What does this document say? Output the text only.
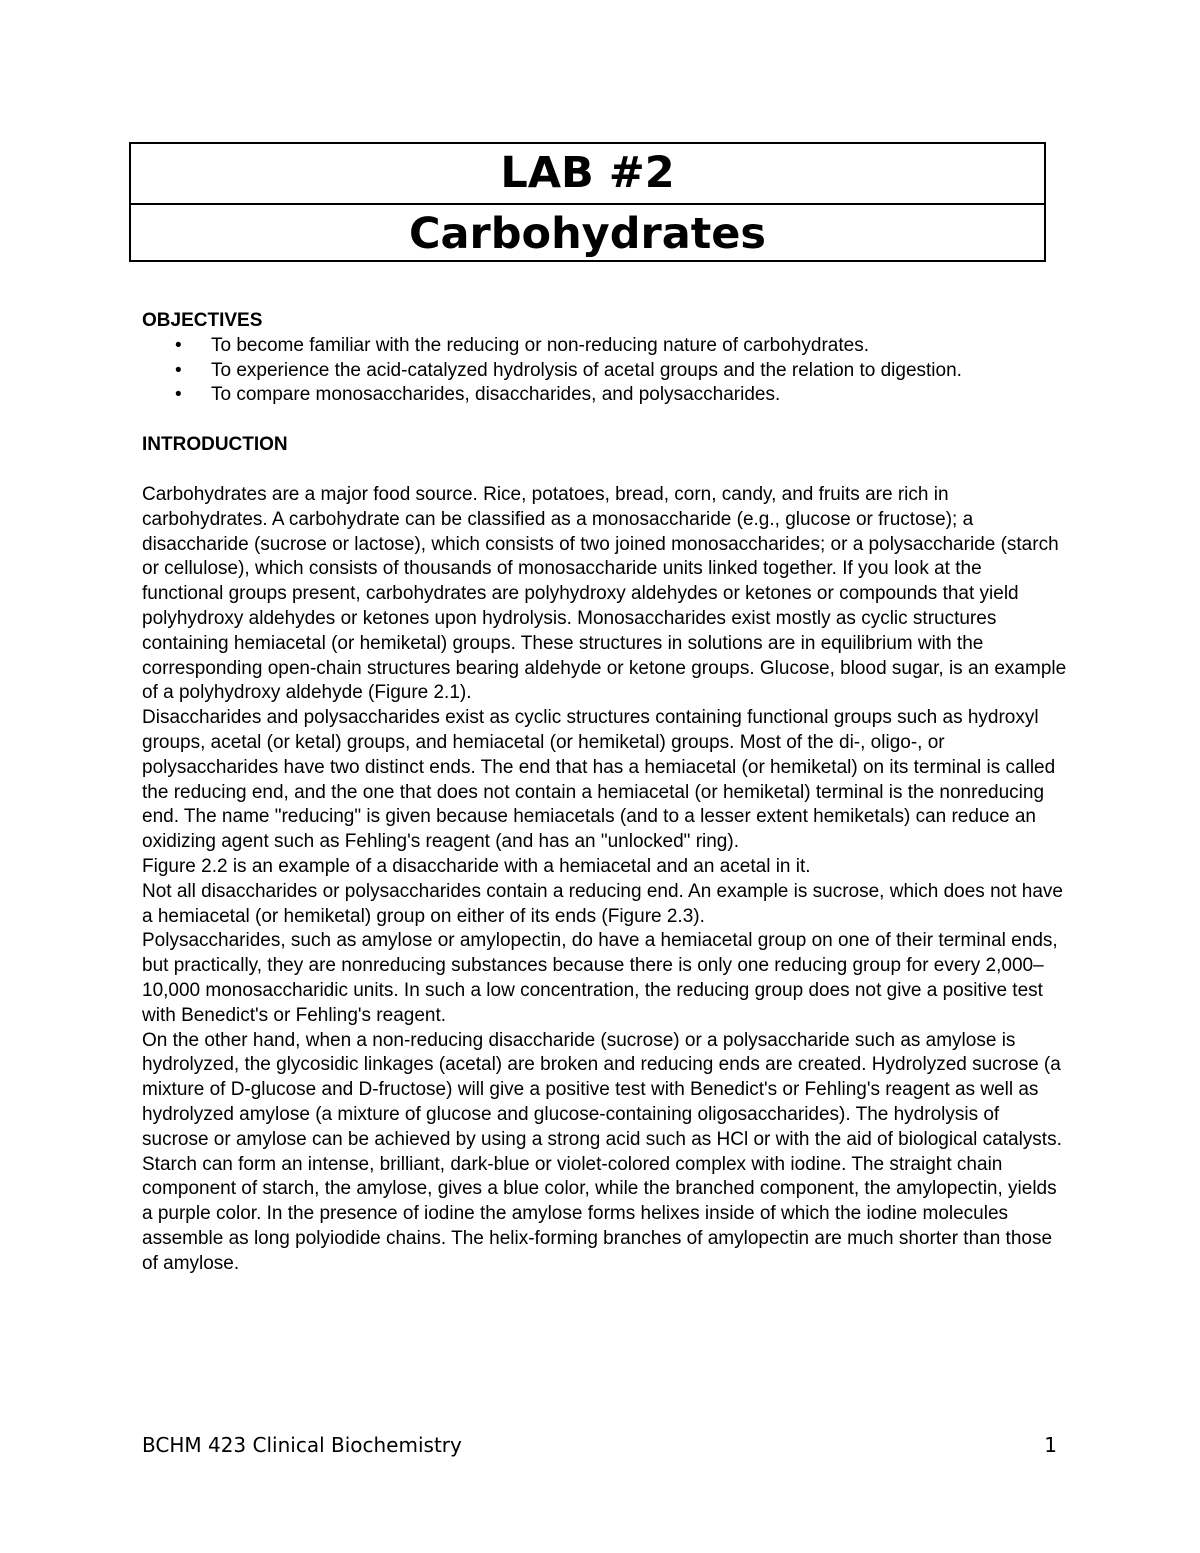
LAB #2
Carbohydrates
OBJECTIVES
• To become familiar with the reducing or non-reducing nature of carbohydrates.
• To experience the acid-catalyzed hydrolysis of acetal groups and the relation to digestion.
• To compare monosaccharides, disaccharides, and polysaccharides.
INTRODUCTION

Carbohydrates are a major food source. Rice, potatoes, bread, corn, candy, and fruits are rich in carbohydrates. A carbohydrate can be classified as a monosaccharide (e.g., glucose or fructose); a disaccharide (sucrose or lactose), which consists of two joined monosaccharides; or a polysaccharide (starch or cellulose), which consists of thousands of monosaccharide units linked together. If you look at the functional groups present, carbohydrates are polyhydroxy aldehydes or ketones or compounds that yield polyhydroxy aldehydes or ketones upon hydrolysis. Monosaccharides exist mostly as cyclic structures containing hemiacetal (or hemiketal) groups. These structures in solutions are in equilibrium with the corresponding open-chain structures bearing aldehyde or ketone groups. Glucose, blood sugar, is an example of a polyhydroxy aldehyde (Figure 2.1).

Disaccharides and polysaccharides exist as cyclic structures containing functional groups such as hydroxyl groups, acetal (or ketal) groups, and hemiacetal (or hemiketal) groups. Most of the di-, oligo-, or polysaccharides have two distinct ends. The end that has a hemiacetal (or hemiketal) on its terminal is called the reducing end, and the one that does not contain a hemiacetal (or hemiketal) terminal is the nonreducing end. The name "reducing" is given because hemiacetals (and to a lesser extent hemiketals) can reduce an oxidizing agent such as Fehling's reagent (and has an "unlocked" ring).

Figure 2.2 is an example of a disaccharide with a hemiacetal and an acetal in it.

Not all disaccharides or polysaccharides contain a reducing end. An example is sucrose, which does not have a hemiacetal (or hemiketal) group on either of its ends (Figure 2.3).

Polysaccharides, such as amylose or amylopectin, do have a hemiacetal group on one of their terminal ends, but practically, they are nonreducing substances because there is only one reducing group for every 2,000–10,000 monosaccharidic units. In such a low concentration, the reducing group does not give a positive test with Benedict's or Fehling's reagent.

On the other hand, when a non-reducing disaccharide (sucrose) or a polysaccharide such as amylose is hydrolyzed, the glycosidic linkages (acetal) are broken and reducing ends are created. Hydrolyzed sucrose (a mixture of D-glucose and D-fructose) will give a positive test with Benedict's or Fehling's reagent as well as hydrolyzed amylose (a mixture of glucose and glucose-containing oligosaccharides). The hydrolysis of sucrose or amylose can be achieved by using a strong acid such as HCl or with the aid of biological catalysts.

Starch can form an intense, brilliant, dark-blue or violet-colored complex with iodine. The straight chain component of starch, the amylose, gives a blue color, while the branched component, the amylopectin, yields a purple color. In the presence of iodine the amylose forms helixes inside of which the iodine molecules assemble as long polyiodide chains. The helix-forming branches of amylopectin are much shorter than those of amylose.

BCHM 423 Clinical Biochemistry	1
